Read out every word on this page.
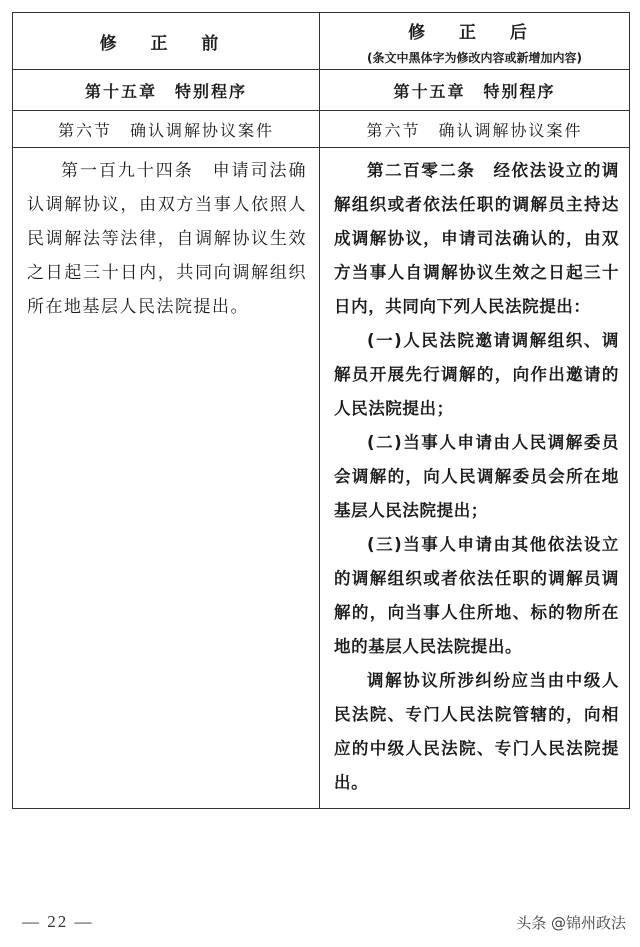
修 正 前	修 正 后
(条文中黑体字为修改内容或新增加内容)

第十五章　特别程序	第十五章　特别程序
第六节　确认调解协议案件	第六节　确认调解协议案件

第一百九十四条　申请司法确认调解协议，由双方当事人依照人民调解法等法律，自调解协议生效之日起三十日内，共同向调解组织所在地基层人民法院提出。	第二百零二条　经依法设立的调解组织或者依法任职的调解员主持达成调解协议，申请司法确认的，由双方当事人自调解协议生效之日起三十日内，共同向下列人民法院提出：

(一)人民法院邀请调解组织、调解员开展先行调解的，向作出邀请的人民法院提出；

(二)当事人申请由人民调解委员会调解的，向人民调解委员会所在地基层人民法院提出；

(三)当事人申请由其他依法设立的调解组织或者依法任职的调解员调解的，向当事人住所地、标的物所在地的基层人民法院提出。

调解协议所涉纠纷应当由中级人民法院、专门人民法院管辖的，向相应的中级人民法院、专门人民法院提出。

— 22 —	头条 @锦州政法
